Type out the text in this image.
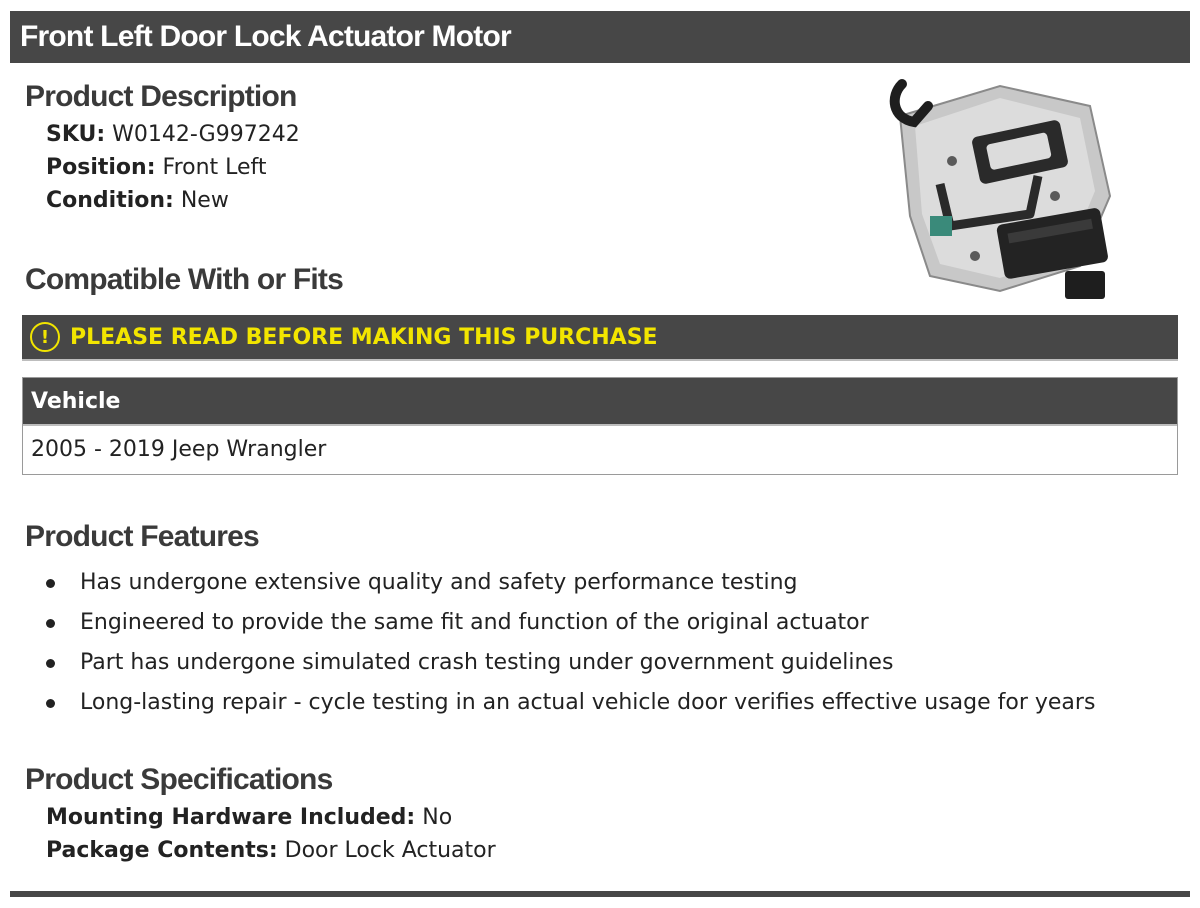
Front Left Door Lock Actuator Motor
Product Description
SKU: W0142-G997242
Position: Front Left
Condition: New
Compatible With or Fits
! PLEASE READ BEFORE MAKING THIS PURCHASE
Vehicle
2005 - 2019 Jeep Wrangler
Product Features
Has undergone extensive quality and safety performance testing
Engineered to provide the same fit and function of the original actuator
Part has undergone simulated crash testing under government guidelines
Long-lasting repair - cycle testing in an actual vehicle door verifies effective usage for years
Product Specifications
Mounting Hardware Included: No
Package Contents: Door Lock Actuator
